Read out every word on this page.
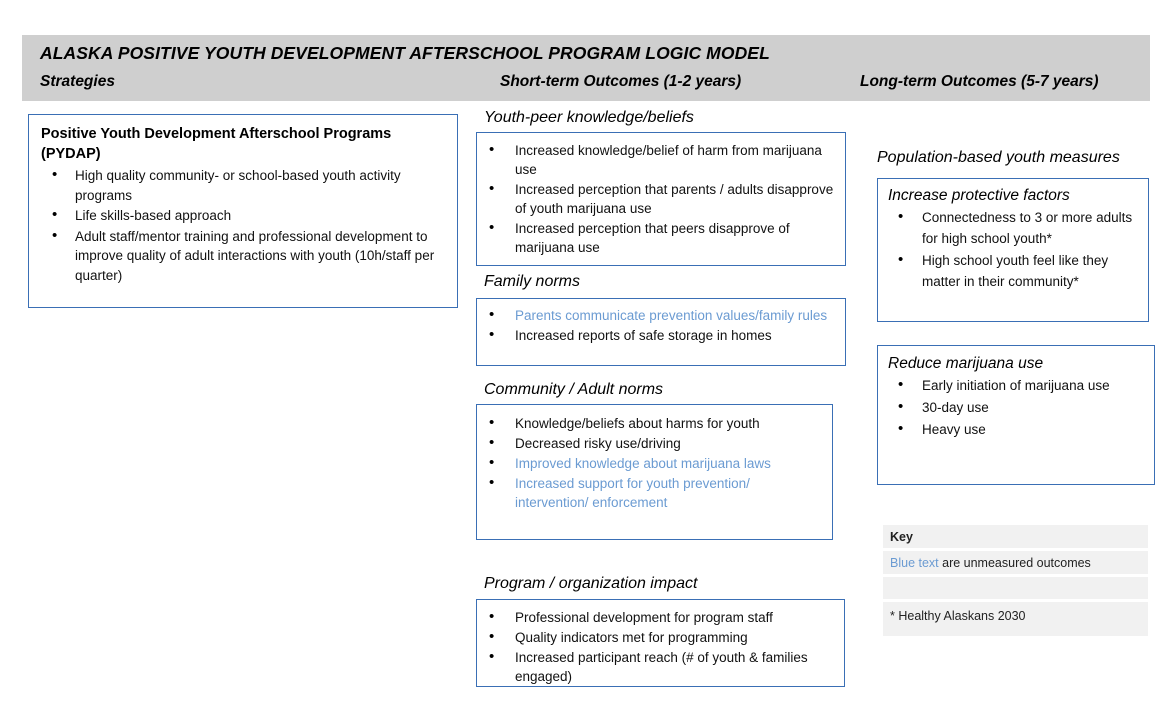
ALASKA POSITIVE YOUTH DEVELOPMENT AFTERSCHOOL PROGRAM LOGIC MODEL
Strategies	Short-term Outcomes (1-2 years)	Long-term Outcomes (5-7 years)
Positive Youth Development Afterschool Programs (PYDAP)
• High quality community- or school-based youth activity programs
• Life skills-based approach
• Adult staff/mentor training and professional development to improve quality of adult interactions with youth (10h/staff per quarter)
Youth-peer knowledge/beliefs
• Increased knowledge/belief of harm from marijuana use
• Increased perception that parents / adults disapprove of youth marijuana use
• Increased perception that peers disapprove of marijuana use
Family norms
• Parents communicate prevention values/family rules
• Increased reports of safe storage in homes
Community / Adult norms
• Knowledge/beliefs about harms for youth
• Decreased risky use/driving
• Improved knowledge about marijuana laws
• Increased support for youth prevention/ intervention/ enforcement
Program / organization impact
• Professional development for program staff
• Quality indicators met for programming
• Increased participant reach (# of youth & families engaged)
Population-based youth measures
Increase protective factors
• Connectedness to 3 or more adults for high school youth*
• High school youth feel like they matter in their community*
Reduce marijuana use
• Early initiation of marijuana use
• 30-day use
• Heavy use
Key
Blue text are unmeasured outcomes
* Healthy Alaskans 2030
